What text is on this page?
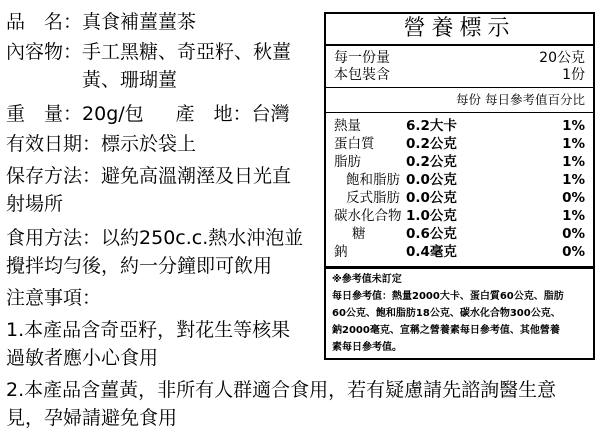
品　名：真食補薑薑茶
內容物：手工黑糖、奇亞籽、秋薑
黃、珊瑚薑
重　量：20g/包 產　地：台灣
有效日期：標示於袋上
保存方法：避免高溫潮溼及日光直
射場所
食用方法：以約250c.c.熱水沖泡並
攪拌均勻後，約一分鐘即可飲用
注意事項：
1.本產品含奇亞籽，對花生等核果
過敏者應小心食用
2.本產品含薑黃，非所有人群適合食用，若有疑慮請先諮詢醫生意
見，孕婦請避免食用
營養標示
每一份量	20公克
本包裝含	1份
每份 每日參考值百分比
熱量	6.2大卡	1%
蛋白質 0.2公克	1%
脂肪	0.2公克	1%
飽和脂肪 0.0公克	1%
反式脂肪 0.0公克	0%
碳水化合物 1.0公克	1%
糖	0.6公克	0%
鈉	0.4毫克	0%
※參考值未訂定
每日參考值：熱量2000大卡、蛋白質60公克、脂肪
60公克、飽和脂肪18公克、碳水化合物300公克、
鈉2000毫克、宣稱之營養素每日參考值、其他營養
素每日參考值。
